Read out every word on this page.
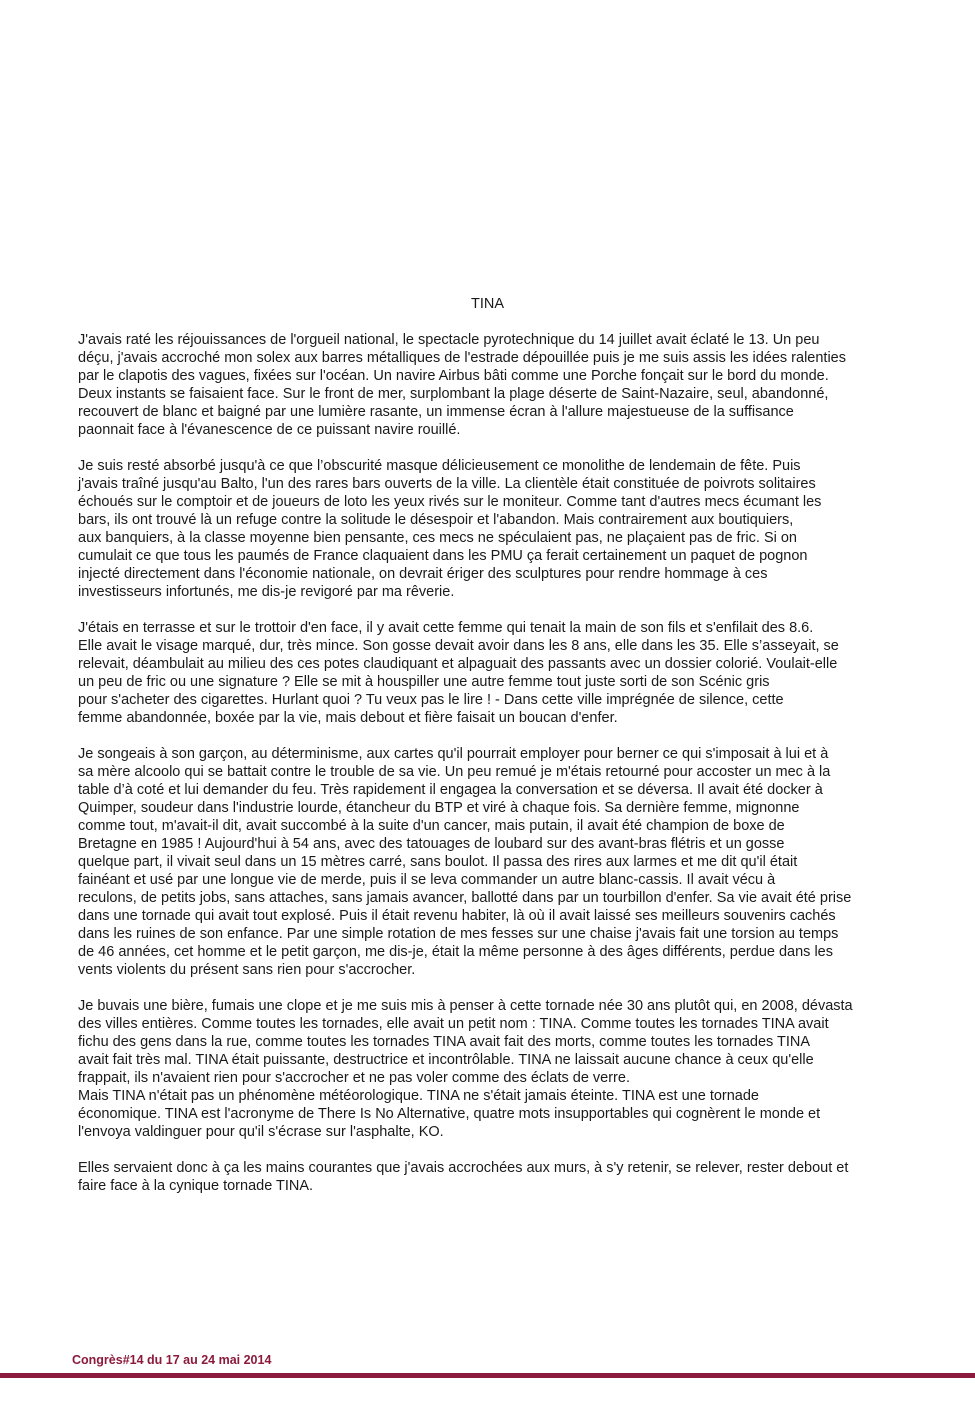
TINA
J'avais raté les réjouissances de l'orgueil national, le spectacle pyrotechnique du 14 juillet avait éclaté le 13. Un peu
déçu, j'avais accroché mon solex aux barres métalliques de l'estrade dépouillée puis je me suis assis les idées ralenties
par le clapotis des vagues, fixées sur l'océan. Un navire Airbus bâti comme une Porche fonçait sur le bord du monde.
Deux instants se faisaient face. Sur le front de mer, surplombant la plage déserte de Saint-Nazaire, seul, abandonné,
recouvert de blanc et baigné par une lumière rasante, un immense écran à l'allure majestueuse de la suffisance
paonnait face à l'évanescence de ce puissant navire rouillé.
Je suis resté absorbé jusqu'à ce que l’obscurité masque délicieusement ce monolithe de lendemain de fête. Puis
j'avais traîné jusqu'au Balto, l'un des rares bars ouverts de la ville. La clientèle était constituée de poivrots solitaires
échoués sur le comptoir et de joueurs de loto les yeux rivés sur le moniteur. Comme tant d'autres mecs écumant les
bars, ils ont trouvé là un refuge contre la solitude le désespoir et l'abandon. Mais contrairement aux boutiquiers,
aux banquiers, à la classe moyenne bien pensante, ces mecs ne spéculaient pas, ne plaçaient pas de fric. Si on
cumulait ce que tous les paumés de France claquaient dans les PMU ça ferait certainement un paquet de pognon
injecté directement dans l'économie nationale, on devrait ériger des sculptures pour rendre hommage à ces
investisseurs infortunés, me dis-je revigoré par ma rêverie.
J'étais en terrasse et sur le trottoir d'en face, il y avait cette femme qui tenait la main de son fils et s'enfilait des 8.6.
Elle avait le visage marqué, dur, très mince. Son gosse devait avoir dans les 8 ans, elle dans les 35. Elle s’asseyait, se
relevait, déambulait au milieu des ces potes claudiquant et alpaguait des passants avec un dossier colorié. Voulait-elle
un peu de fric ou une signature ? Elle se mit à houspiller une autre femme tout juste sorti de son Scénic gris
pour s'acheter des cigarettes. Hurlant quoi ? Tu veux pas le lire ! - Dans cette ville imprégnée de silence, cette
femme abandonnée, boxée par la vie, mais debout et fière faisait un boucan d'enfer.
Je songeais à son garçon, au déterminisme, aux cartes qu'il pourrait employer pour berner ce qui s'imposait à lui et à
sa mère alcoolo qui se battait contre le trouble de sa vie. Un peu remué je m'étais retourné pour accoster un mec à la
table d’à coté et lui demander du feu. Très rapidement il engagea la conversation et se déversa. Il avait été docker à
Quimper, soudeur dans l'industrie lourde, étancheur du BTP et viré à chaque fois. Sa dernière femme, mignonne
comme tout, m'avait-il dit, avait succombé à la suite d'un cancer, mais putain, il avait été champion de boxe de
Bretagne en 1985 ! Aujourd'hui à 54 ans, avec des tatouages de loubard sur des avant-bras flétris et un gosse
quelque part, il vivait seul dans un 15 mètres carré, sans boulot. Il passa des rires aux larmes et me dit qu'il était
fainéant et usé par une longue vie de merde, puis il se leva commander un autre blanc-cassis. Il avait vécu à
reculons, de petits jobs, sans attaches, sans jamais avancer, ballotté dans par un tourbillon d'enfer. Sa vie avait été prise
dans une tornade qui avait tout explosé. Puis il était revenu habiter, là où il avait laissé ses meilleurs souvenirs cachés
dans les ruines de son enfance. Par une simple rotation de mes fesses sur une chaise j'avais fait une torsion au temps
de 46 années, cet homme et le petit garçon, me dis-je, était la même personne à des âges différents, perdue dans les
vents violents du présent sans rien pour s'accrocher.
Je buvais une bière, fumais une clope et je me suis mis à penser à cette tornade née 30 ans plutôt qui, en 2008, dévasta
des villes entières. Comme toutes les tornades, elle avait un petit nom : TINA. Comme toutes les tornades TINA avait
fichu des gens dans la rue, comme toutes les tornades TINA avait fait des morts, comme toutes les tornades TINA
avait fait très mal. TINA était puissante, destructrice et incontrôlable. TINA ne laissait aucune chance à ceux qu'elle
frappait, ils n'avaient rien pour s'accrocher et ne pas voler comme des éclats de verre.
Mais TINA n'était pas un phénomène météorologique. TINA ne s'était jamais éteinte. TINA est une tornade
économique. TINA est l'acronyme de There Is No Alternative, quatre mots insupportables qui cognèrent le monde et
l'envoya valdinguer pour qu'il s'écrase sur l'asphalte, KO.
Elles servaient donc à ça les mains courantes que j'avais accrochées aux murs, à s'y retenir, se relever, rester debout et
faire face à la cynique tornade TINA.
Congrès#14 du 17 au 24 mai 2014
